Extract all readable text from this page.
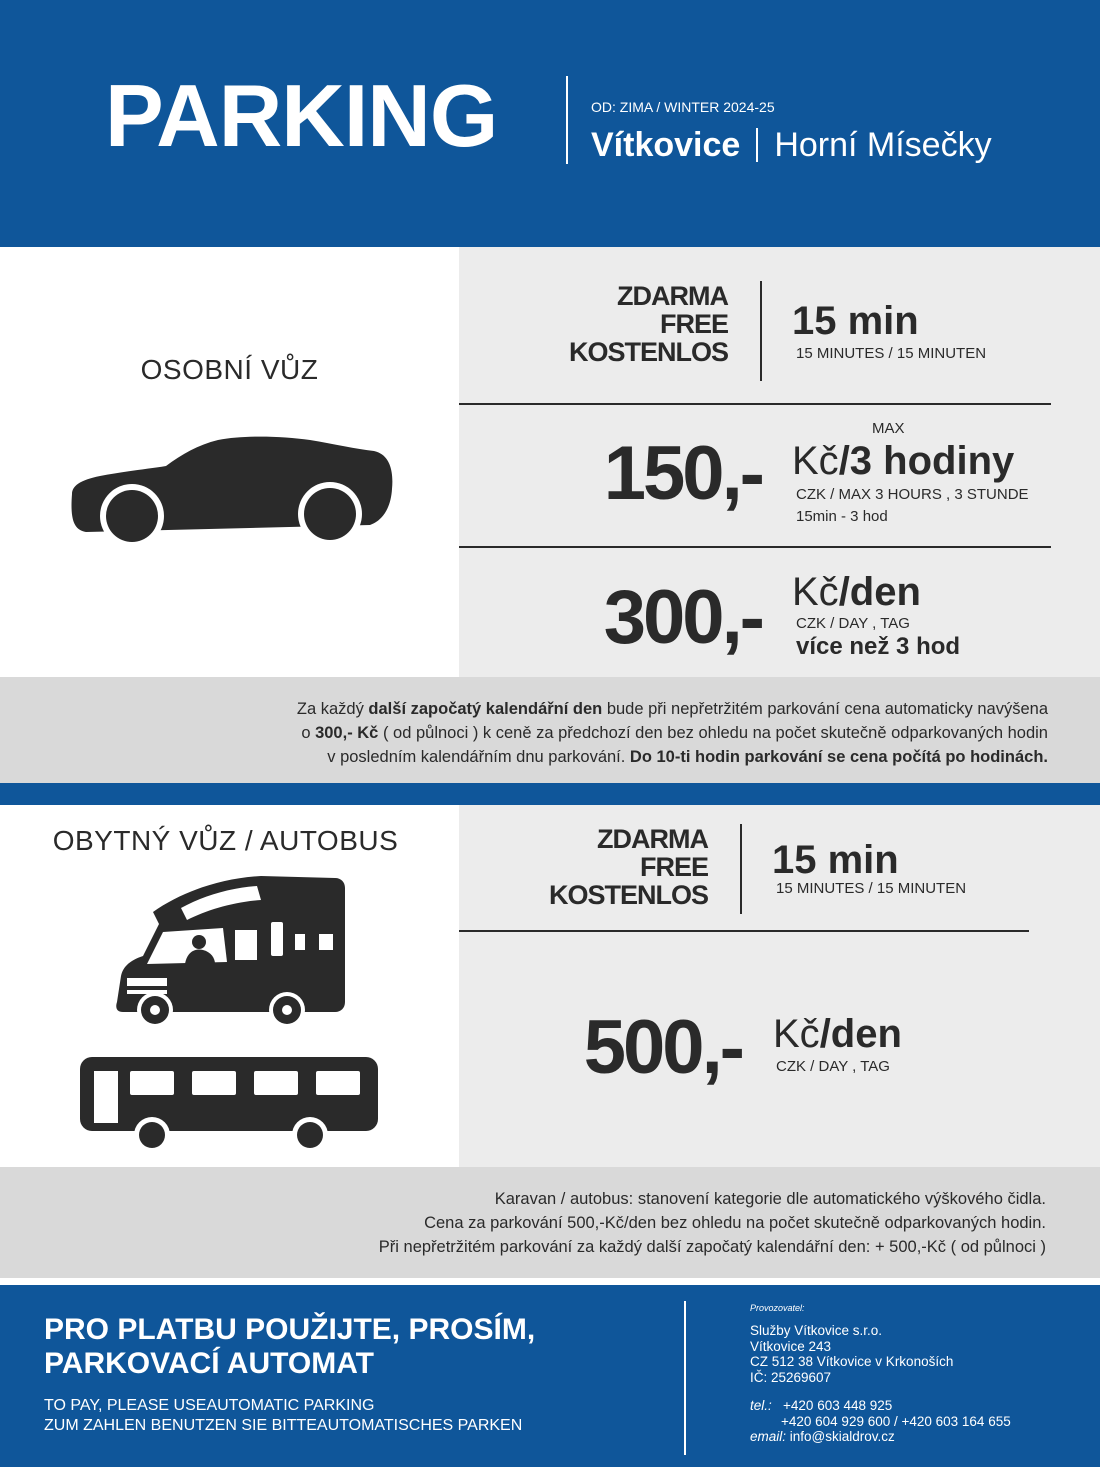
PARKING	OD: ZIMA / WINTER 2024-25
Vítkovice Horní Mísečky
OSOBNÍ VŮZ
ZDARMA
FREE
KOSTENLOS
15 min
15 MINUTES / 15 MINUTEN
MAX
150,- Kč/3 hodiny
CZK / MAX 3 HOURS , 3 STUNDE
15min - 3 hod
300,- Kč/den
CZK / DAY , TAG
více než 3 hod
Za každý další započatý kalendářní den bude při nepřetržitém parkování cena automaticky navýšena
o 300,- Kč ( od půlnoci ) k ceně za předchozí den bez ohledu na počet skutečně odparkovaných hodin
v posledním kalendářním dnu parkování. Do 10-ti hodin parkování se cena počítá po hodinách.
OBYTNÝ VŮZ / AUTOBUS	ZDARMA
FREE
KOSTENLOS
15 min
15 MINUTES / 15 MINUTEN
500,- Kč/den
CZK / DAY , TAG
Karavan / autobus: stanovení kategorie dle automatického výškového čidla.
Cena za parkování 500,-Kč/den bez ohledu na počet skutečně odparkovaných hodin.
Při nepřetržitém parkování za každý další započatý kalendářní den: + 500,-Kč ( od půlnoci )
PRO PLATBU POUŽIJTE, PROSÍM,
PARKOVACÍ AUTOMAT
TO PAY, PLEASE USEAUTOMATIC PARKING
ZUM ZAHLEN BENUTZEN SIE BITTEAUTOMATISCHES PARKEN
Provozovatel:
Služby Vítkovice s.r.o.
Vítkovice 243
CZ 512 38 Vítkovice v Krkonoších
IČ: 25269607
tel.: +420 603 448 925
+420 604 929 600 / +420 603 164 655
email: info@skialdrov.cz
